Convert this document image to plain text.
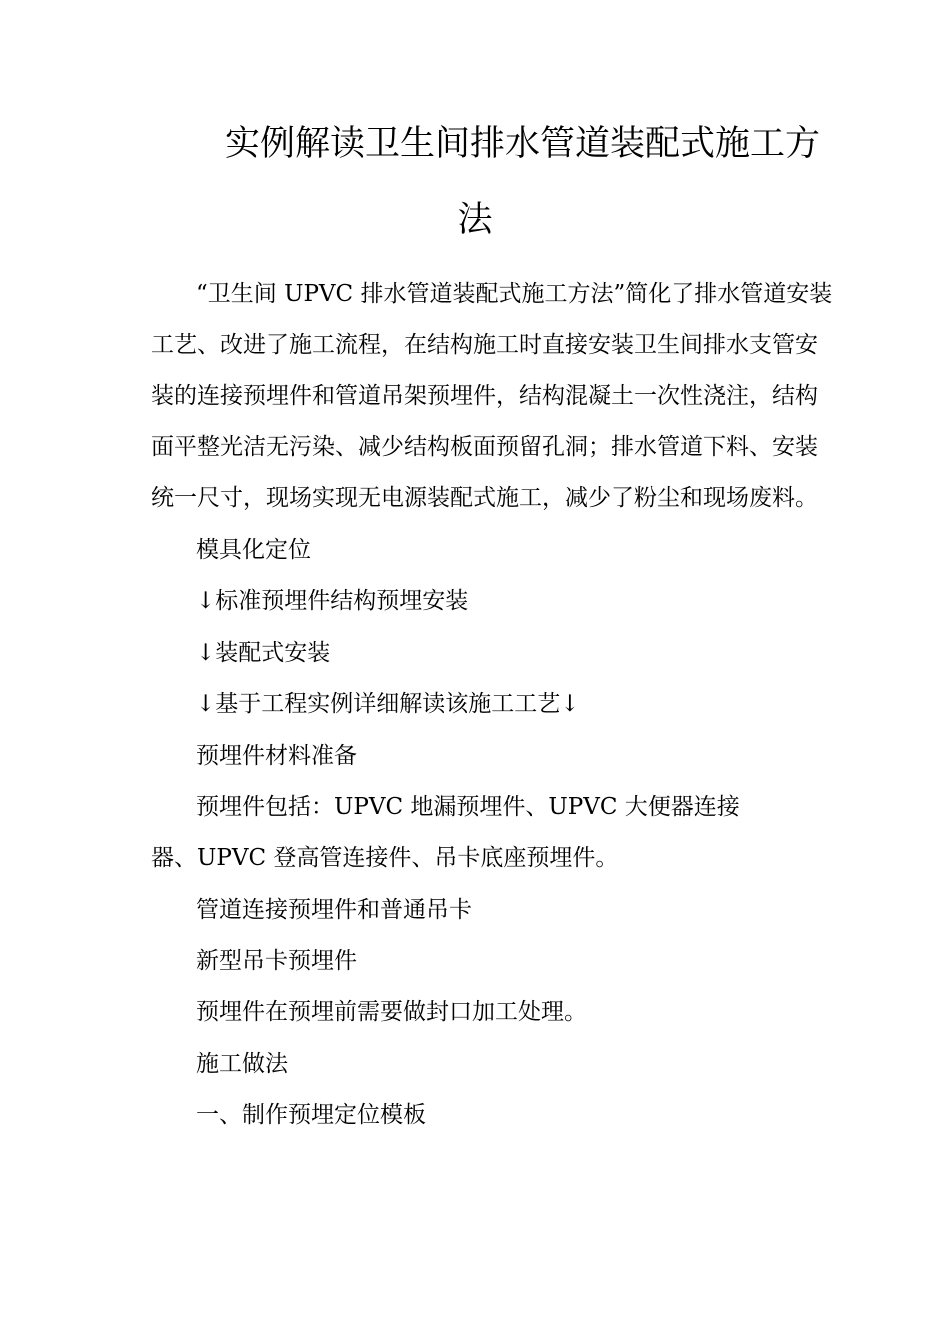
实例解读卫生间排水管道装配式施工方
法
“卫生间 UPVC 排水管道装配式施工方法”简化了排水管道安装
工艺、改进了施工流程，在结构施工时直接安装卫生间排水支管安
装的连接预埋件和管道吊架预埋件，结构混凝土一次性浇注，结构
面平整光洁无污染、减少结构板面预留孔洞；排水管道下料、安装
统一尺寸，现场实现无电源装配式施工，减少了粉尘和现场废料。
模具化定位
↓标准预埋件结构预埋安装
↓装配式安装
↓基于工程实例详细解读该施工工艺↓
预埋件材料准备
预埋件包括：UPVC 地漏预埋件、UPVC 大便器连接
器、UPVC 登高管连接件、吊卡底座预埋件。
管道连接预埋件和普通吊卡
新型吊卡预埋件
预埋件在预埋前需要做封口加工处理。
施工做法
一、制作预埋定位模板
